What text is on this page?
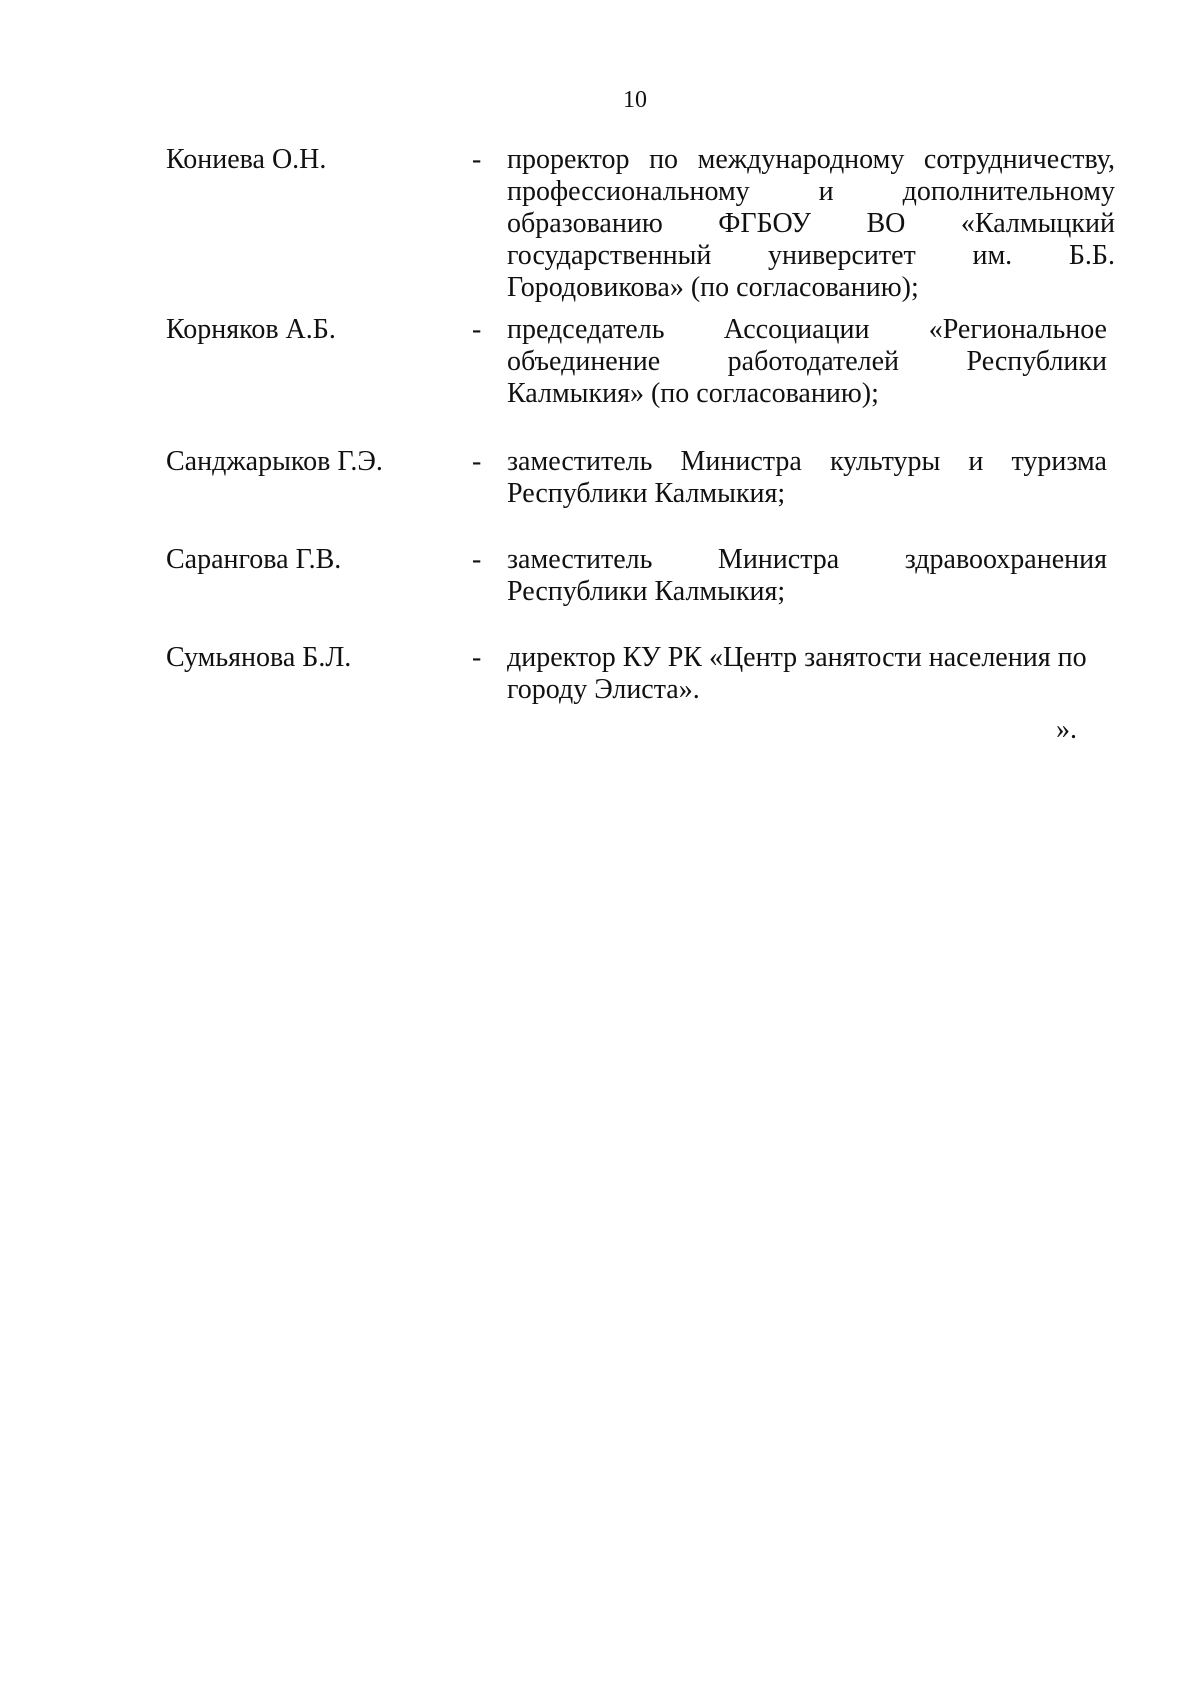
10
Кониева О.Н.	- проректор по международному сотрудничеству,
профессиональному и дополнительному
образованию ФГБОУ ВО «Калмыцкий
государственный университет им. Б.Б.
Городовикова» (по согласованию);
Корняков А.Б.	- председатель Ассоциации «Региональное
объединение работодателей Республики
Калмыкия» (по согласованию);
Санджарыков Г.Э.	- заместитель Министра культуры и туризма
Республики Калмыкия;
Сарангова Г.В.	- заместитель Министра здравоохранения
Республики Калмыкия;
Сумьянова Б.Л.	- директор КУ РК «Центр занятости населения по
городу Элиста».
».
